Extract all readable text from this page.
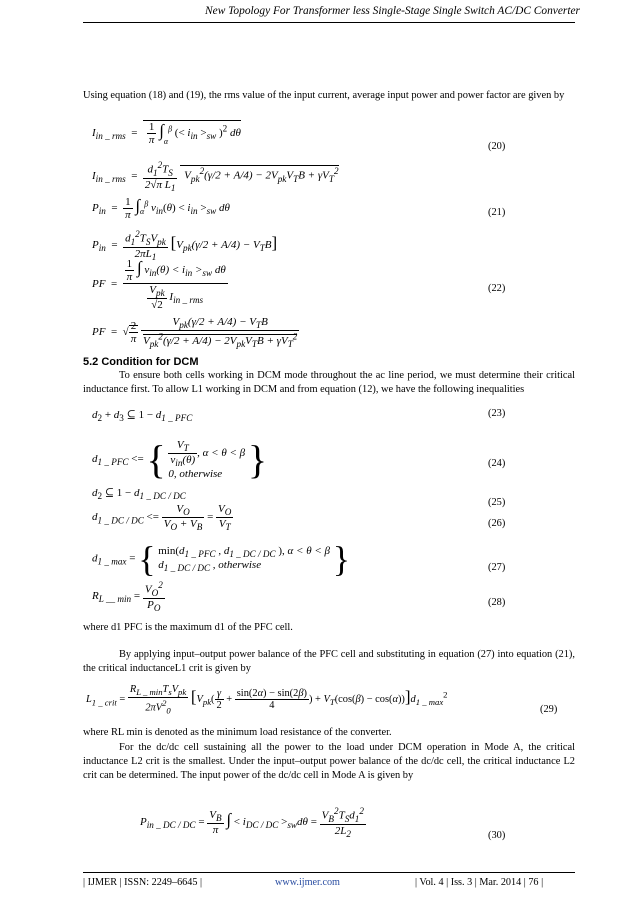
New Topology For Transformer less Single-Stage Single Switch AC/DC Converter
Using equation (18) and (19), the rms value of the input current, average input power and power factor are given by
$I_{in \_ rms} = \frac{1}{\pi} \int_\alpha^\beta$ (< $i_{in} >_{sw}$ )$^2$ dθ
(20)
$I_{in \_ rms} = \frac{d_1^2T_S}{2√\pi L_1} V_{pk}^2(\gamma/2 + A/4) - 2V_{pk}V_TB + \gamma V_T^2$
$P_{in} = \frac{1}{\pi} \int_\alpha^\beta$ $v_{in}(\theta) < i_{in} >_{sw}$ dθ	(21)
$P_{in} = \frac{d_1^2T_SV_{pk}}{2\pi L_1} [V_{pk}(\gamma/2 + A/4) - V_TB]$
PF  = $\frac{\frac{1}{\pi} \int v_{in}(\theta) < i_{in} >_{sw} d\theta}{\frac{V_{pk}}{√2} I_{in \_ rms}}$	(22)
PF  =  √ $\frac{2}{\pi}$
$\frac{V_{pk}(\gamma/2 + A/4) - V_TB}{V_{pk}^2(\gamma/2 + A/4) - 2V_{pk}V_TB + \gamma V_T^2}$
5.2 Condition for DCM
To ensure both cells working in DCM mode throughout the ac line period, we must determine their critical inductance first. To allow L1 working in DCM and from equation (12), we have the following inequalities
$d_2 + d_3$ ⊆ $1 - d_{1 \_ PFC}$	(23)
$d_{1 \_ PFC}$ <= { $\frac{V_T}{v_{in}(\theta)}$ , α < θ < β
0, otherwise }	(24)
$d_2$ ⊆ $1 - d_{1 \_ DC / DC}$
(25)
$d_{1 \_ DC / DC} <= \frac{V_O}{V_O + V_B} = \frac{V_O}{V_T}$	(26)
$d_{1 \_ max}$ = { $\min(d_{1 \_ PFC}$ , $d_{1 \_ DC / DC}$ ), α < θ < β
$d_{1 \_ DC / DC}$ , otherwise	}	(27)
$R_{L \_\_ min} = \frac{V_O^2}{P_O}$	(28)
where d1 PFC is the maximum d1 of the PFC cell.
By applying input–output power balance of the PFC cell and substituting in equation (27) into equation (21), the critical inductanceL1 crit is given by
$L_{1 \_ crit} = \frac{R_{L \_ min}T_sV_{pk}}{2\pi V^2_0} [V_{pk}( \frac{\gamma}{2} + \frac{\sin(2\alpha) - \sin(2\beta)}{4}$ ) + $V_T(\cos(\beta) - \cos(\alpha))]d_{1 \_ max}^2$
(29)
where RL min is denoted as the minimum load resistance of the converter.
For the dc/dc cell sustaining all the power to the load under DCM operation in Mode A, the critical inductance L2 crit is the smallest. Under the input–output power balance of the dc/dc cell, the critical inductance L2 crit can be determined. The input power of the dc/dc cell in Mode A is given by
$P_{in \_ DC / DC} = \frac{V_B}{\pi}$ ∫ < $i_{DC / DC} >_{sw}d\theta = \frac{V_B^2T_Sd_1^2}{2L_2}$	(30)
| IJMER | ISSN: 2249–6645 |	www.ijmer.com	| Vol. 4 | Iss. 3 | Mar. 2014 | 76 |
